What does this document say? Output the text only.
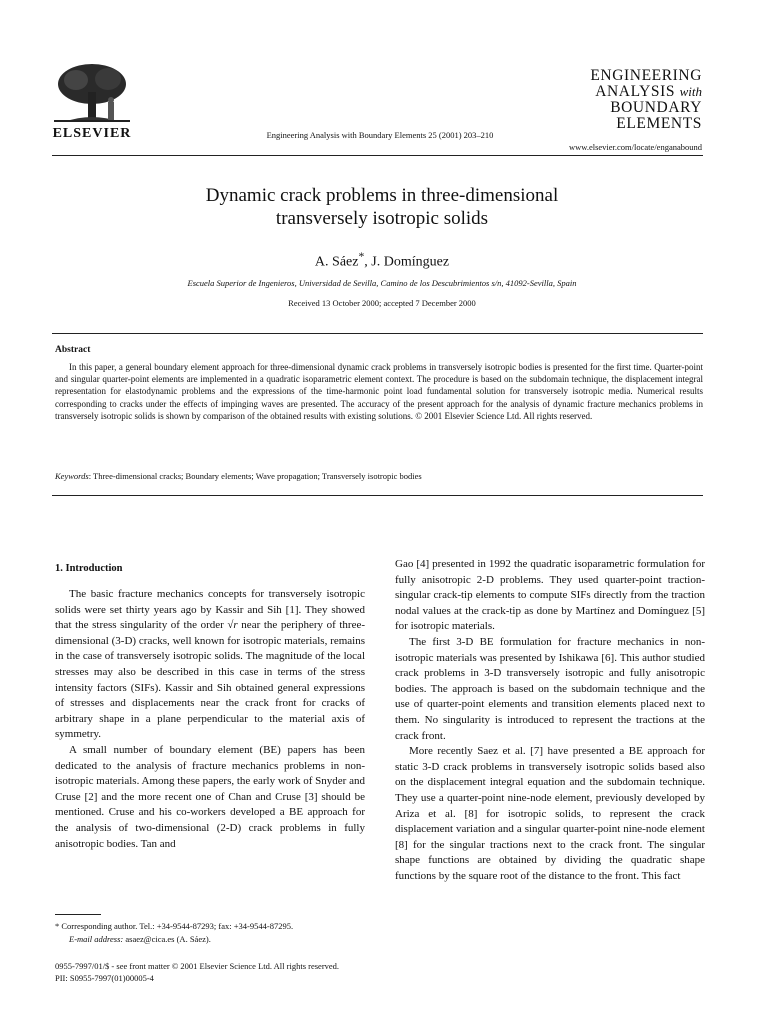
ELSEVIER	Engineering Analysis with Boundary Elements 25 (2001) 203–210
ENGINEERING
ANALYSIS with
BOUNDARY
ELEMENTS
www.elsevier.com/locate/enganabound
Dynamic crack problems in three-dimensional
transversely isotropic solids
A. Sáez*, J. Domínguez
Escuela Superior de Ingenieros, Universidad de Sevilla, Camino de los Descubrimientos s/n, 41092-Sevilla, Spain
Received 13 October 2000; accepted 7 December 2000
Abstract
In this paper, a general boundary element approach for three-dimensional dynamic crack problems in transversely isotropic bodies is presented for the first time. Quarter-point and singular quarter-point elements are implemented in a quadratic isoparametric element context. The procedure is based on the subdomain technique, the displacement integral representation for elastodynamic problems and the expressions of the time-harmonic point load fundamental solution for transversely isotropic media. Numerical results corresponding to cracks under the effects of impinging waves are presented. The accuracy of the present approach for the analysis of dynamic fracture mechanics problems in transversely isotropic solids is shown by comparison of the obtained results with existing solutions. © 2001 Elsevier Science Ltd. All rights reserved.
Keywords: Three-dimensional cracks; Boundary elements; Wave propagation; Transversely isotropic bodies
1. Introduction

The basic fracture mechanics concepts for transversely isotropic solids were set thirty years ago by Kassir and Sih [1]. They showed that the stress singularity of the order √r near the periphery of three-dimensional (3-D) cracks, well known for isotropic materials, remains in the case of transversely isotropic solids. The magnitude of the local stresses may also be described in this case in terms of the stress intensity factors (SIFs). Kassir and Sih obtained general expressions of stresses and displacements near the crack front for cracks of arbitrary shape in a plane perpendicular to the material axis of symmetry.

A small number of boundary element (BE) papers has been dedicated to the analysis of fracture mechanics problems in non-isotropic materials. Among these papers, the early work of Snyder and Cruse [2] and the more recent one of Chan and Cruse [3] should be mentioned. Cruse and his co-workers developed a BE approach for the analysis of two-dimensional (2-D) crack problems in fully anisotropic bodies. Tan and

Gao [4] presented in 1992 the quadratic isoparametric formulation for fully anisotropic 2-D problems. They used quarter-point traction-singular crack-tip elements to compute SIFs directly from the traction nodal values at the crack-tip as done by Martínez and Domínguez [5] for isotropic materials.

The first 3-D BE formulation for fracture mechanics in non-isotropic materials was presented by Ishikawa [6]. This author studied crack problems in 3-D transversely isotropic and fully anisotropic bodies. The approach is based on the subdomain technique and the use of quarter-point elements and transition elements placed next to them. No singularity is introduced to represent the tractions at the crack front.

More recently Saez et al. [7] have presented a BE approach for static 3-D crack problems in transversely isotropic solids based also on the displacement integral equation and the subdomain technique. They use a quarter-point nine-node element, previously developed by Ariza et al. [8] for isotropic solids, to represent the crack displacement variation and a singular quarter-point nine-node element [8] for the singular tractions next to the crack front. The singular shape functions are obtained by dividing the quadratic shape functions by the square root of the distance to the front. This fact

* Corresponding author. Tel.: +34-9544-87293; fax: +34-9544-87295.
E-mail address: asaez@cica.es (A. Sáez).
0955-7997/01/$ - see front matter © 2001 Elsevier Science Ltd. All rights reserved.
PII: S0955-7997(01)00005-4
